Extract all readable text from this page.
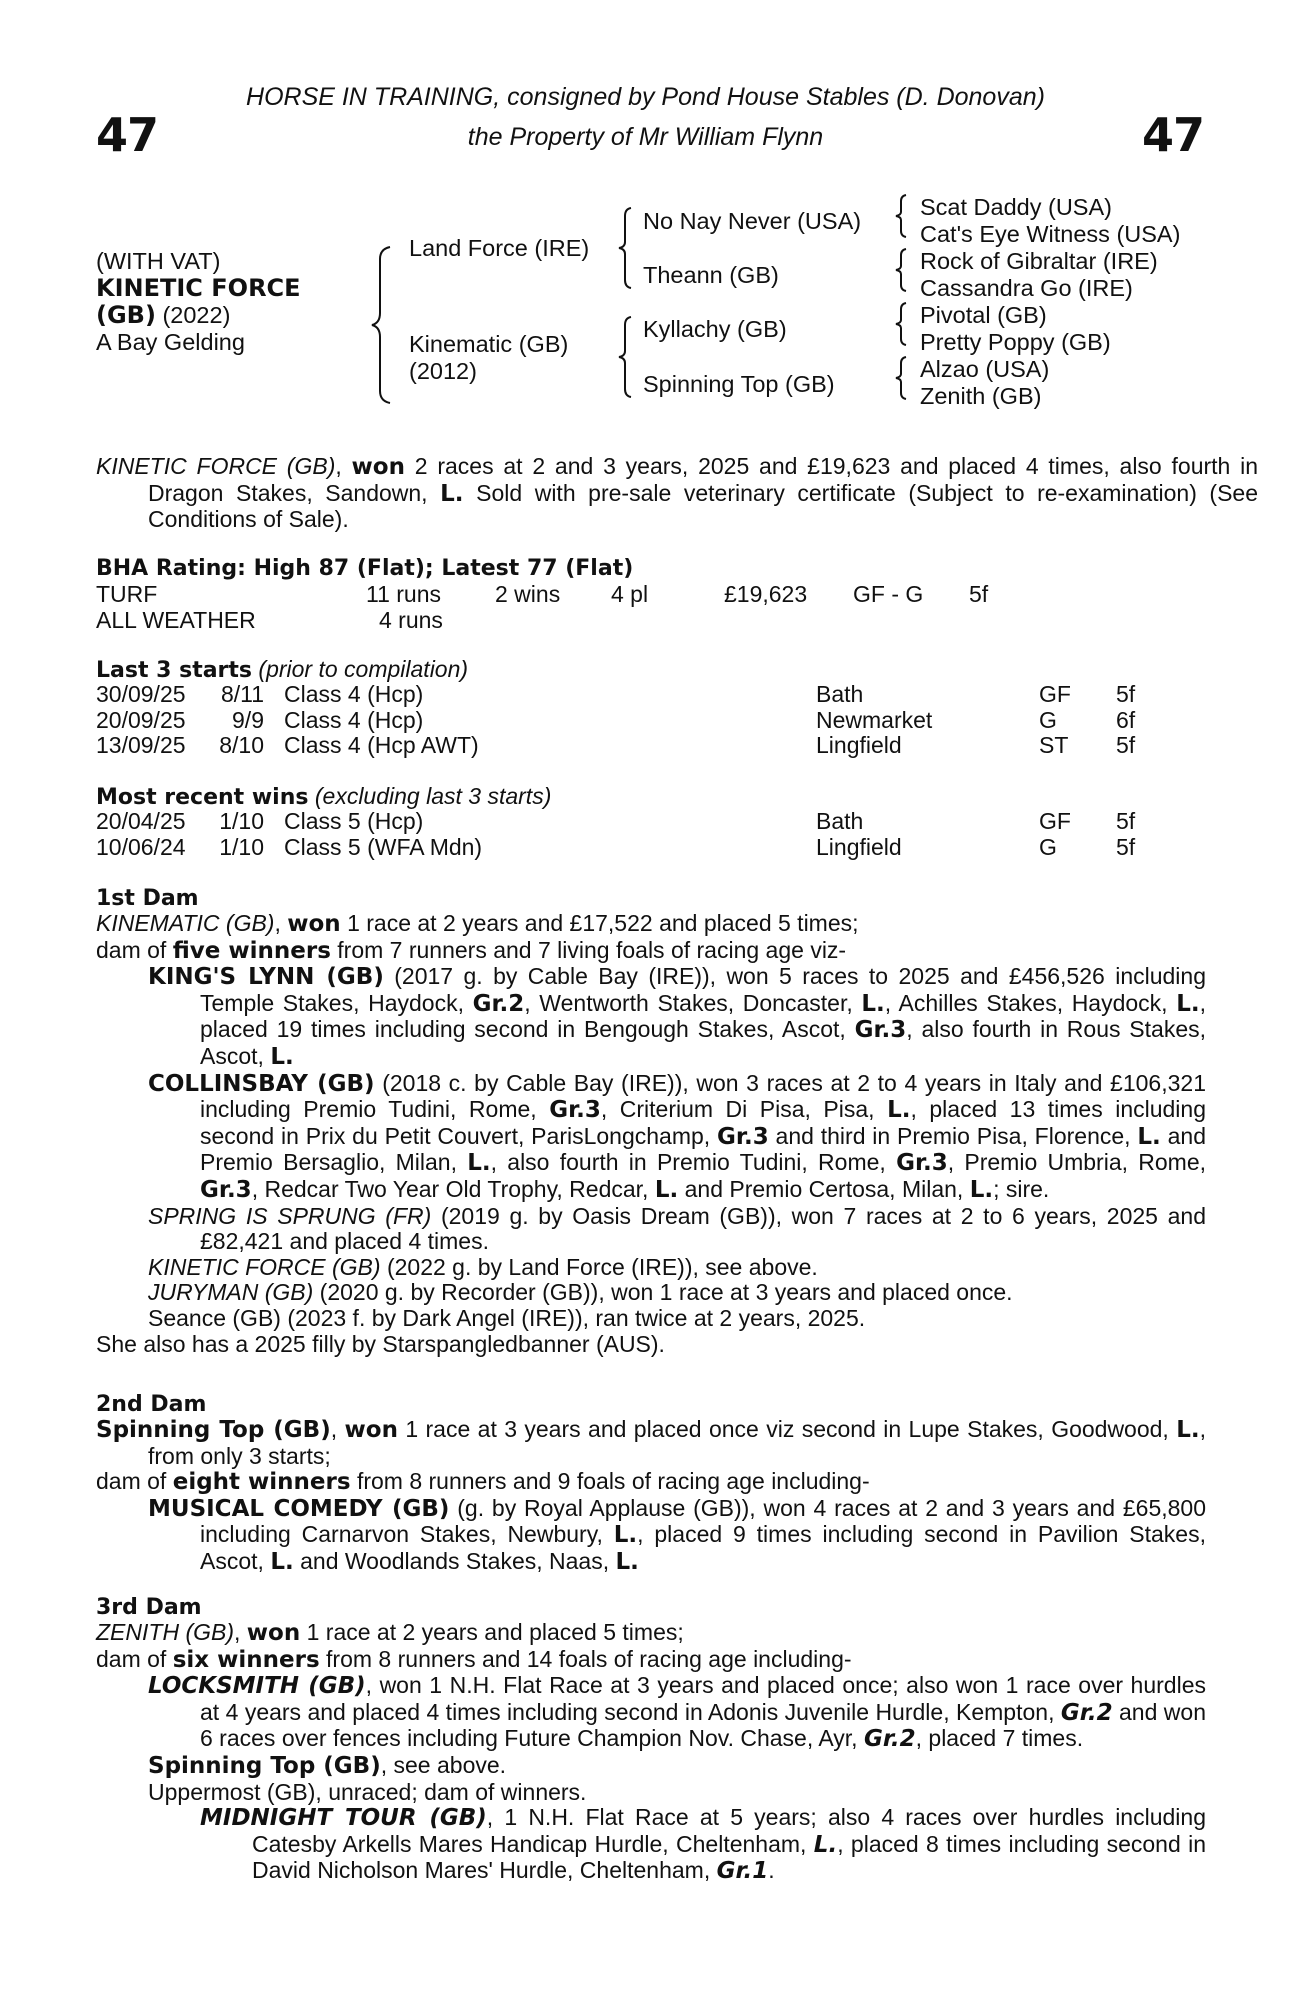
47	47
HORSE IN TRAINING, consigned by Pond House Stables (D. Donovan)
the Property of Mr William Flynn
(WITH VAT)
KINETIC FORCE
(GB) (2022)
A Bay Gelding
Land Force (IRE)
Kinematic (GB)
(2012)
No Nay Never (USA)
Theann (GB)
Kyllachy (GB)
Spinning Top (GB)
Scat Daddy (USA)
Cat's Eye Witness (USA)
Rock of Gibraltar (IRE)
Cassandra Go (IRE)
Pivotal (GB)
Pretty Poppy (GB)
Alzao (USA)
Zenith (GB)
KINETIC FORCE (GB), won 2 races at 2 and 3 years, 2025 and £19,623 and placed 4 times, also fourth in Dragon Stakes, Sandown, L. Sold with pre-sale veterinary certificate (Subject to re-examination) (See Conditions of Sale).
BHA Rating: High 87 (Flat); Latest 77 (Flat)
TURF	11 runs 2 wins 4 pl	£19,623 GF - G 5f
ALL WEATHER	4 runs
Last 3 starts (prior to compilation)
30/09/25	8/11 Class 4 (Hcp)	Bath	GF 5f
20/09/25	9/9 Class 4 (Hcp)	Newmarket	G	6f
13/09/25	8/10 Class 4 (Hcp AWT)	Lingfield	ST 5f
Most recent wins (excluding last 3 starts)
20/04/25	1/10 Class 5 (Hcp)	Bath	GF 5f
10/06/24	1/10 Class 5 (WFA Mdn)	Lingfield	G	5f
1st Dam
KINEMATIC (GB), won 1 race at 2 years and £17,522 and placed 5 times;
dam of five winners from 7 runners and 7 living foals of racing age viz-
KING'S LYNN (GB) (2017 g. by Cable Bay (IRE)), won 5 races to 2025 and £456,526 including Temple Stakes, Haydock, Gr.2, Wentworth Stakes, Doncaster, L., Achilles Stakes, Haydock, L., placed 19 times including second in Bengough Stakes, Ascot, Gr.3, also fourth in Rous Stakes, Ascot, L.
COLLINSBAY (GB) (2018 c. by Cable Bay (IRE)), won 3 races at 2 to 4 years in Italy and £106,321 including Premio Tudini, Rome, Gr.3, Criterium Di Pisa, Pisa, L., placed 13 times including second in Prix du Petit Couvert, ParisLongchamp, Gr.3 and third in Premio Pisa, Florence, L. and Premio Bersaglio, Milan, L., also fourth in Premio Tudini, Rome, Gr.3, Premio Umbria, Rome, Gr.3, Redcar Two Year Old Trophy, Redcar, L. and Premio Certosa, Milan, L.; sire.
SPRING IS SPRUNG (FR) (2019 g. by Oasis Dream (GB)), won 7 races at 2 to 6 years, 2025 and £82,421 and placed 4 times.
KINETIC FORCE (GB) (2022 g. by Land Force (IRE)), see above.
JURYMAN (GB) (2020 g. by Recorder (GB)), won 1 race at 3 years and placed once.
Seance (GB) (2023 f. by Dark Angel (IRE)), ran twice at 2 years, 2025.
She also has a 2025 filly by Starspangledbanner (AUS).
2nd Dam
Spinning Top (GB), won 1 race at 3 years and placed once viz second in Lupe Stakes, Goodwood, L., from only 3 starts;
dam of eight winners from 8 runners and 9 foals of racing age including-
MUSICAL COMEDY (GB) (g. by Royal Applause (GB)), won 4 races at 2 and 3 years and £65,800 including Carnarvon Stakes, Newbury, L., placed 9 times including second in Pavilion Stakes, Ascot, L. and Woodlands Stakes, Naas, L.
3rd Dam
ZENITH (GB), won 1 race at 2 years and placed 5 times;
dam of six winners from 8 runners and 14 foals of racing age including-
LOCKSMITH (GB), won 1 N.H. Flat Race at 3 years and placed once; also won 1 race over hurdles at 4 years and placed 4 times including second in Adonis Juvenile Hurdle, Kempton, Gr.2 and won 6 races over fences including Future Champion Nov. Chase, Ayr, Gr.2, placed 7 times.
Spinning Top (GB), see above.
Uppermost (GB), unraced; dam of winners.
MIDNIGHT TOUR (GB), 1 N.H. Flat Race at 5 years; also 4 races over hurdles including Catesby Arkells Mares Handicap Hurdle, Cheltenham, L., placed 8 times including second in David Nicholson Mares' Hurdle, Cheltenham, Gr.1.
